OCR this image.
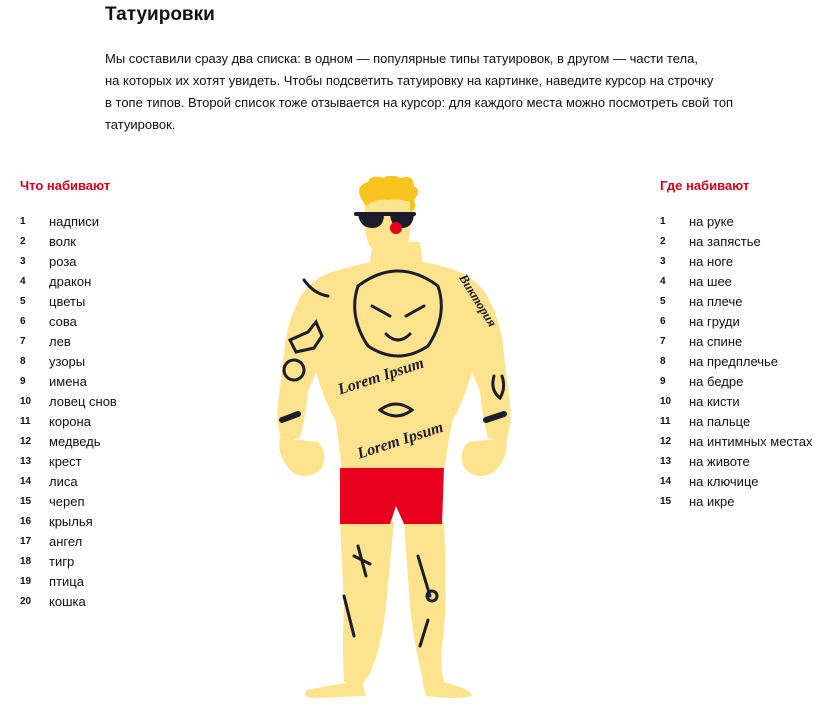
Татуировки
Мы составили сразу два списка: в одном — популярные типы татуировок, в другом — части тела,
на которых их хотят увидеть. Чтобы подсветить татуировку на картинке, наведите курсор на строчку
в топе типов. Второй список тоже отзывается на курсор: для каждого места можно посмотреть свой топ
татуировок.
Что набивают
1 надписи
2 волк
3 роза
4 дракон
5 цветы
6 сова
7 лев
8 узоры
9 имена
10 ловец снов
11 корона
12 медведь
13 крест
14 лиса
15 череп
16 крылья
17 ангел
18 тигр
19 птица
20 кошка
Где набивают
1 на руке
2 на запястье
3 на ноге
4 на шее
5 на плече
6 на груди
7 на спине
8 на предплечье
9 на бедре
10 на кисти
11 на пальце
12 на интимных местах
13 на животе
14 на ключице
15 на икре
Lorem Ipsum
Lorem Ipsum
Викторuя
